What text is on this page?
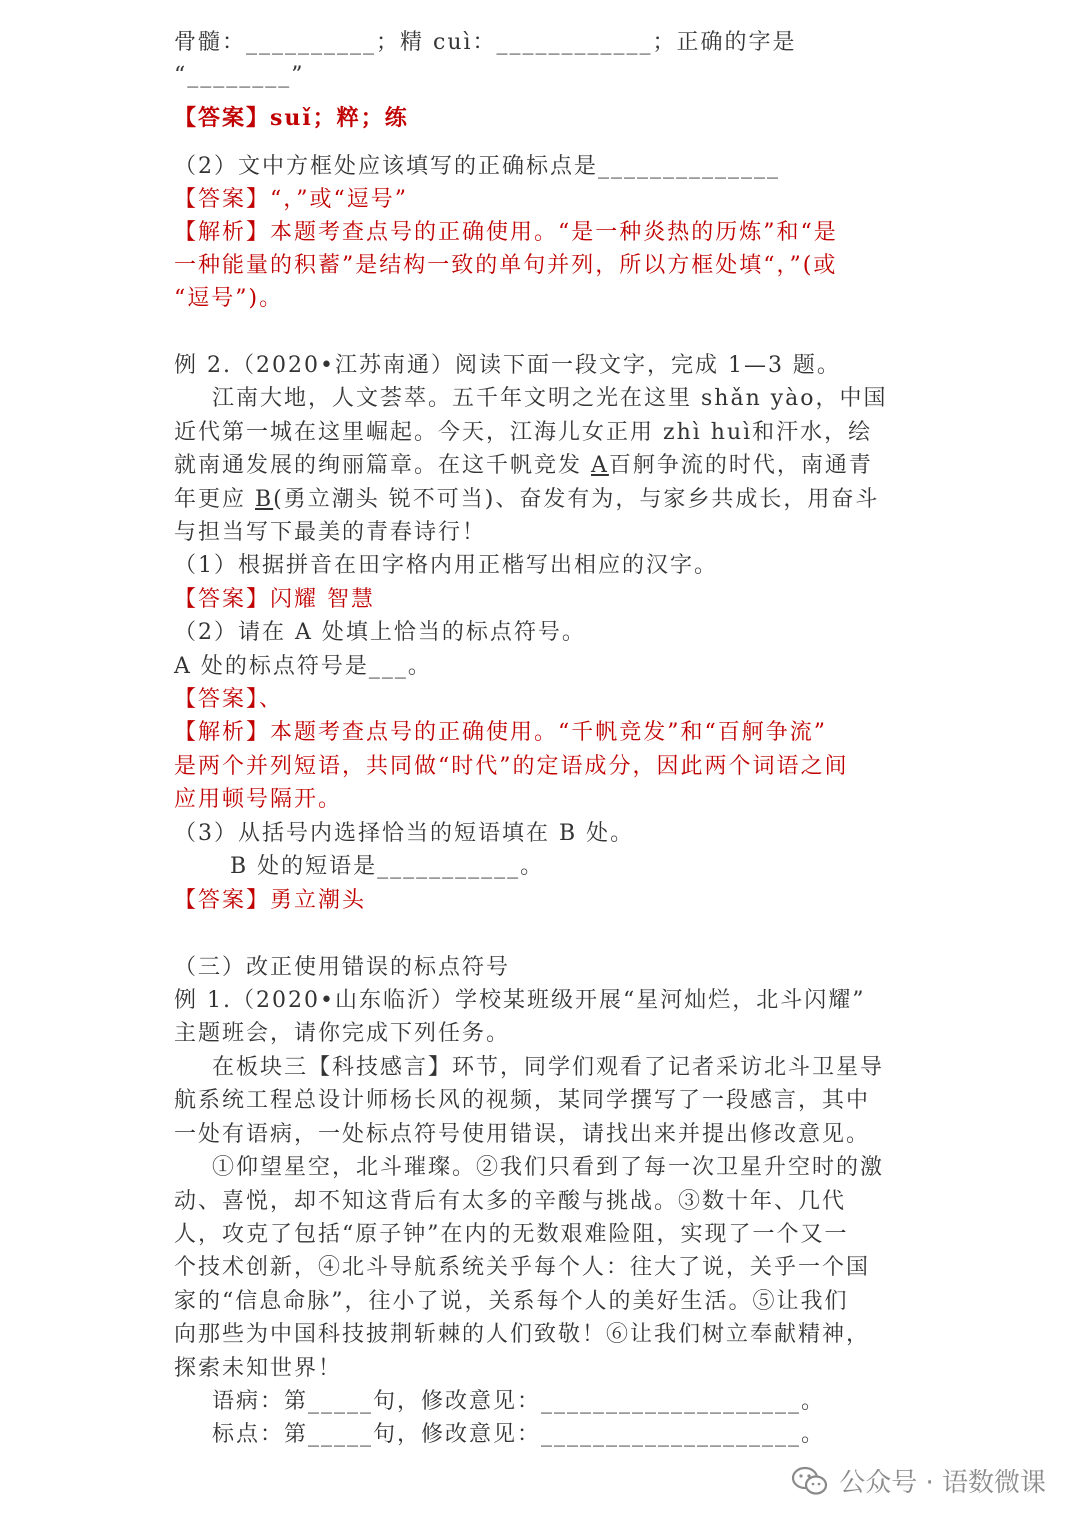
骨髓：__________；精 cuì：____________；正确的字是

“________”

【答案】suǐ；粹；练

（2）文中方框处应该填写的正确标点是______________

【答案】“，”或“逗号”

【解析】本题考查点号的正确使用。“是一种炎热的历炼”和“是

一种能量的积蓄”是结构一致的单句并列，所以方框处填“，”(或

“逗号”)。

例 2.（2020•江苏南通）阅读下面一段文字，完成 1—3 题。

江南大地，人文荟萃。五千年文明之光在这里 shǎn yào，中国

近代第一城在这里崛起。今天，江海儿女正用 zhì huì和汗水，绘

就南通发展的绚丽篇章。在这千帆竞发 A百舸争流的时代，南通青

年更应 B(勇立潮头 锐不可当)、奋发有为，与家乡共成长，用奋斗

与担当写下最美的青春诗行！

（1）根据拼音在田字格内用正楷写出相应的汉字。

【答案】闪耀 智慧

（2）请在 A 处填上恰当的标点符号。

A 处的标点符号是___。

【答案】、

【解析】本题考查点号的正确使用。“千帆竞发”和“百舸争流”

是两个并列短语，共同做“时代”的定语成分，因此两个词语之间

应用顿号隔开。

（3）从括号内选择恰当的短语填在 B 处。

B 处的短语是___________。

【答案】勇立潮头

（三）改正使用错误的标点符号

例 1.（2020•山东临沂）学校某班级开展“星河灿烂，北斗闪耀”

主题班会，请你完成下列任务。

在板块三【科技感言】环节，同学们观看了记者采访北斗卫星导

航系统工程总设计师杨长风的视频，某同学撰写了一段感言，其中

一处有语病，一处标点符号使用错误，请找出来并提出修改意见。

①仰望星空，北斗璀璨。②我们只看到了每一次卫星升空时的激

动、喜悦，却不知这背后有太多的辛酸与挑战。③数十年、几代

人，攻克了包括“原子钟”在内的无数艰难险阻，实现了一个又一

个技术创新，④北斗导航系统关乎每个人：往大了说，关乎一个国

家的“信息命脉”，往小了说，关系每个人的美好生活。⑤让我们

向那些为中国科技披荆斩棘的人们致敬！⑥让我们树立奉献精神，

探索未知世界！

语病：第_____句，修改意见：____________________。

标点：第_____句，修改意见：____________________。

公众号 · 语数微课
